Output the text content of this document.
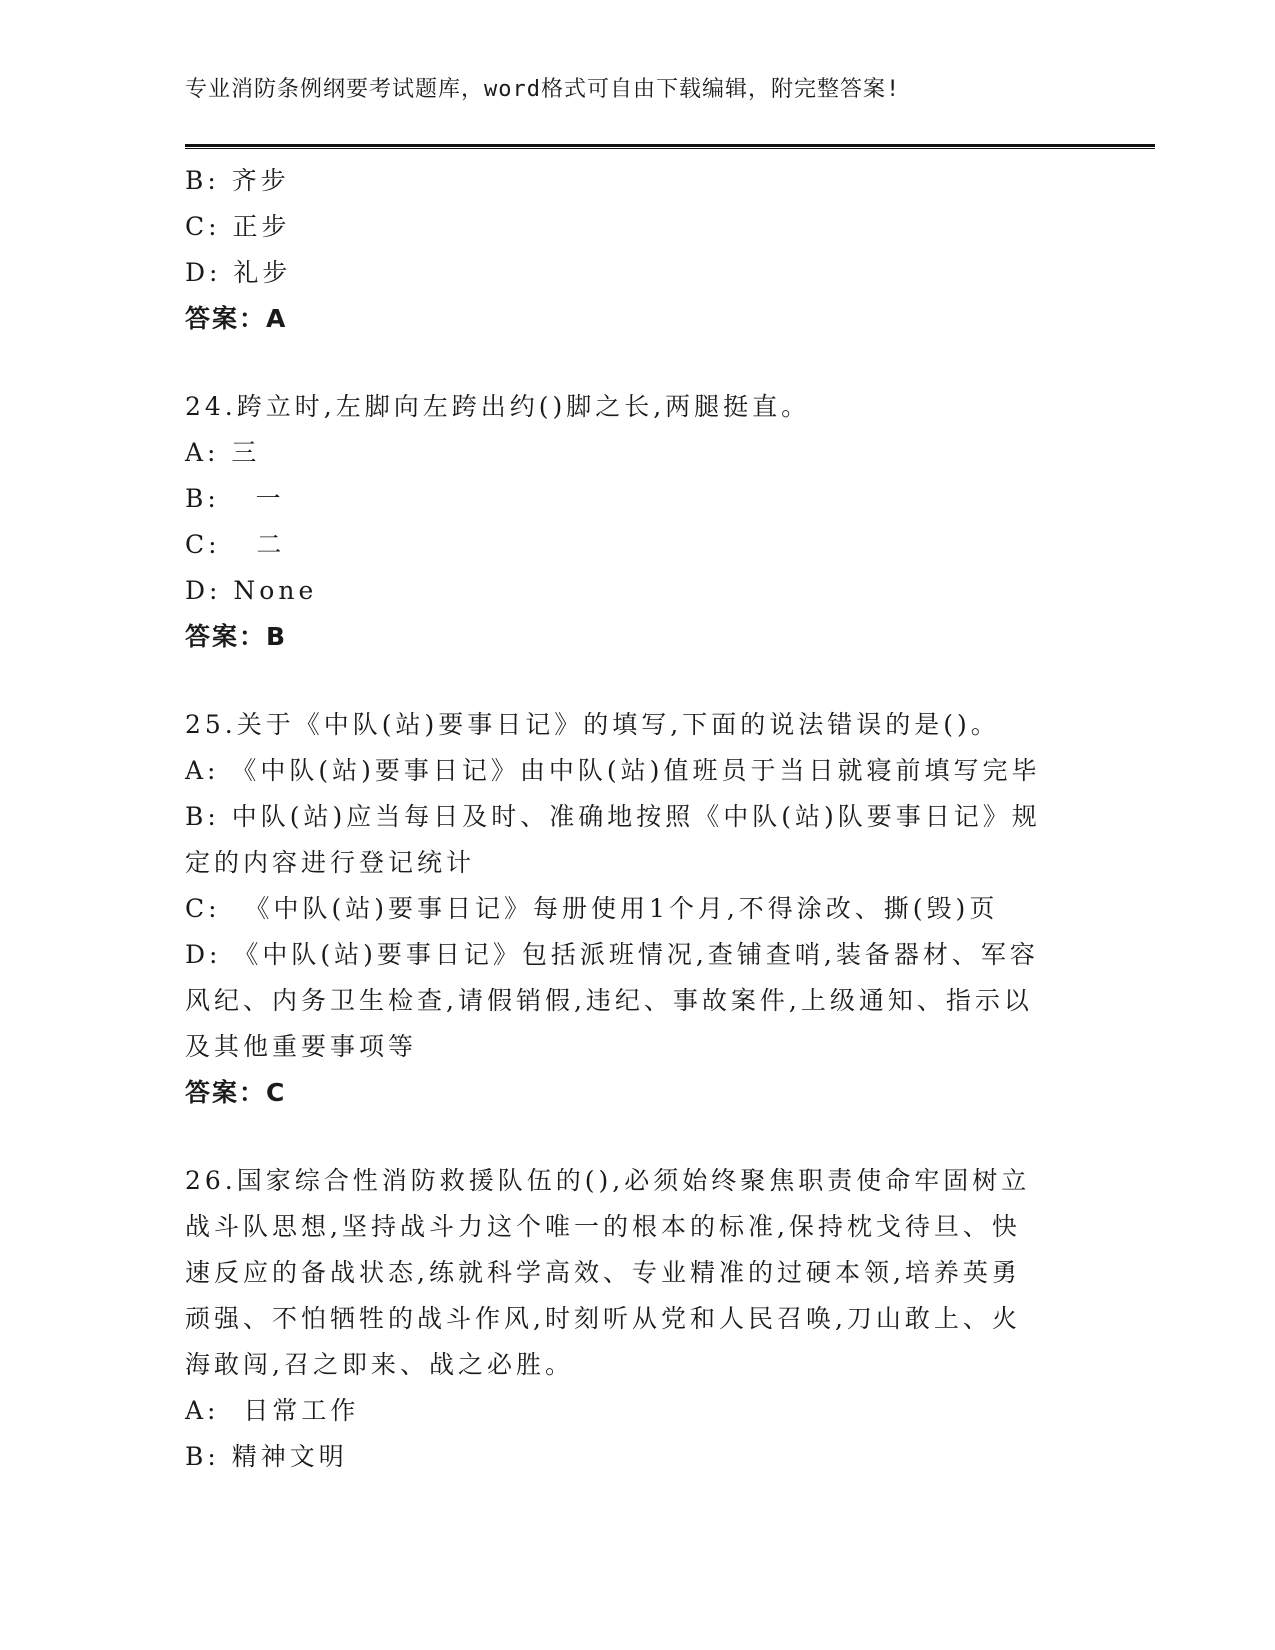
专业消防条例纲要考试题库，word格式可自由下载编辑，附完整答案!
B: 齐步
C: 正步
D: 礼步
答案：A
24.跨立时,左脚向左跨出约()脚之长,两腿挺直。
A: 三
B:   一
C:   二
D: None
答案：B
25.关于《中队(站)要事日记》的填写,下面的说法错误的是()。
A: 《中队(站)要事日记》由中队(站)值班员于当日就寝前填写完毕
B: 中队(站)应当每日及时、准确地按照《中队(站)队要事日记》规定的内容进行登记统计
C:  《中队(站)要事日记》每册使用1个月,不得涂改、撕(毁)页
D: 《中队(站)要事日记》包括派班情况,查铺查哨,装备器材、军容风纪、内务卫生检查,请假销假,违纪、事故案件,上级通知、指示以及其他重要事项等
答案：C
26.国家综合性消防救援队伍的(),必须始终聚焦职责使命牢固树立战斗队思想,坚持战斗力这个唯一的根本的标准,保持枕戈待旦、快速反应的备战状态,练就科学高效、专业精准的过硬本领,培养英勇顽强、不怕牺牲的战斗作风,时刻听从党和人民召唤,刀山敢上、火海敢闯,召之即来、战之必胜。
A:  日常工作
B: 精神文明
